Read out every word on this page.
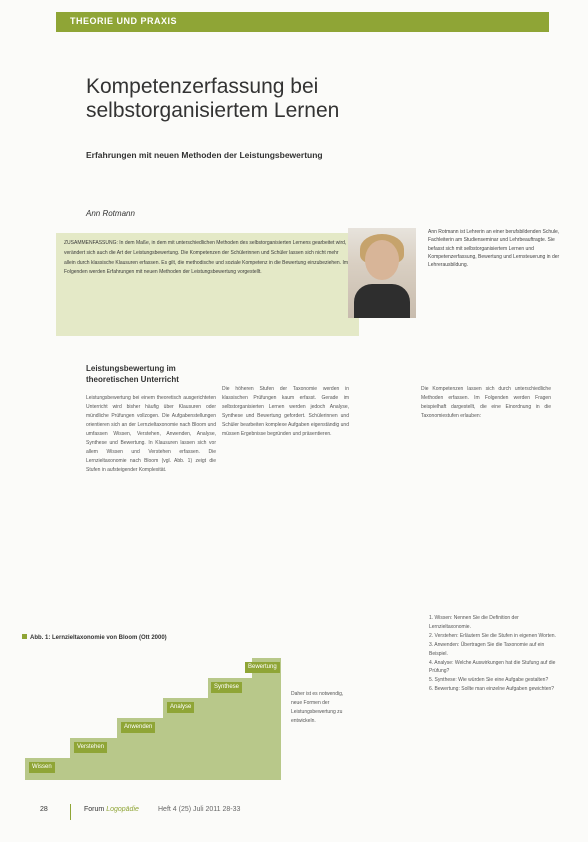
THEORIE UND PRAXIS
Kompetenzerfassung bei selbstorganisiertem Lernen
Erfahrungen mit neuen Methoden der Leistungsbewertung
Ann Rotmann

ZUSAMMENFASSUNG: In dem Maße, in dem mit unterschiedlichen Methoden des selbstorganisierten Lernens gearbeitet wird, verändert sich auch die Art der Leistungsbewertung. Die Kompetenzen der Schülerinnen und Schüler lassen sich nicht mehr allein durch klassische Klausuren erfassen. Es gilt, die methodische und soziale Kompetenz in die Bewertung einzubeziehen. Im Folgenden werden Erfahrungen mit neuen Methoden der Leistungsbewertung vorgestellt.

Ann Rotmann ist Lehrerin an einer berufsbildenden Schule, Fachleiterin am Studienseminar und Lehrbeauftragte. Sie befasst sich mit selbstorganisiertem Lernen und Kompetenzerfassung, Bewertung und Lernsteuerung in der Lehrerausbildung.
Leistungsbewertung im theoretischen Unterricht
Leistungsbewertung bei einem theoretisch ausgerichteten Unterricht wird bisher häufig über Klausuren oder mündliche Prüfungen vollzogen. Die Aufgabenstellungen orientieren sich an der Lernzieltaxonomie nach Bloom und umfassen Wissen, Verstehen, Anwenden, Analyse, Synthese und Bewertung. In Klausuren lassen sich vor allem Wissen und Verstehen erfassen. Die Lernzieltaxonomie nach Bloom (vgl. Abb. 1) zeigt die Stufen in aufsteigender Komplexität.
Die höheren Stufen der Taxonomie werden in klassischen Prüfungen kaum erfasst. Gerade im selbstorganisierten Lernen werden jedoch Analyse, Synthese und Bewertung gefordert. Schülerinnen und Schüler bearbeiten komplexe Aufgaben eigenständig und müssen Ergebnisse begründen und präsentieren.
Die Kompetenzen lassen sich durch unterschiedliche Methoden erfassen. Im Folgenden werden Fragen beispielhaft dargestellt, die eine Einordnung in die Taxonomiestufen erlauben:
1. Wissen: Nennen Sie die Definition der Lernzieltaxonomie.
2. Verstehen: Erläutern Sie die Stufen in eigenen Worten.
3. Anwenden: Übertragen Sie die Taxonomie auf ein Beispiel.
4. Analyse: Welche Auswirkungen hat die Stufung auf die Prüfung?
5. Synthese: Wie würden Sie eine Aufgabe gestalten?
6. Bewertung: Sollte man einzelne Aufgaben gewichten?
Abb. 1: Lernzieltaxonomie von Bloom (Ott 2000)
Wissen
Verstehen
Anwenden
Analyse
Synthese
Bewertung
Daher ist es notwendig, neue Formen der Leistungsbewertung zu entwickeln.
28	Forum Logopädie	Heft 4 (25) Juli 2011 28-33
